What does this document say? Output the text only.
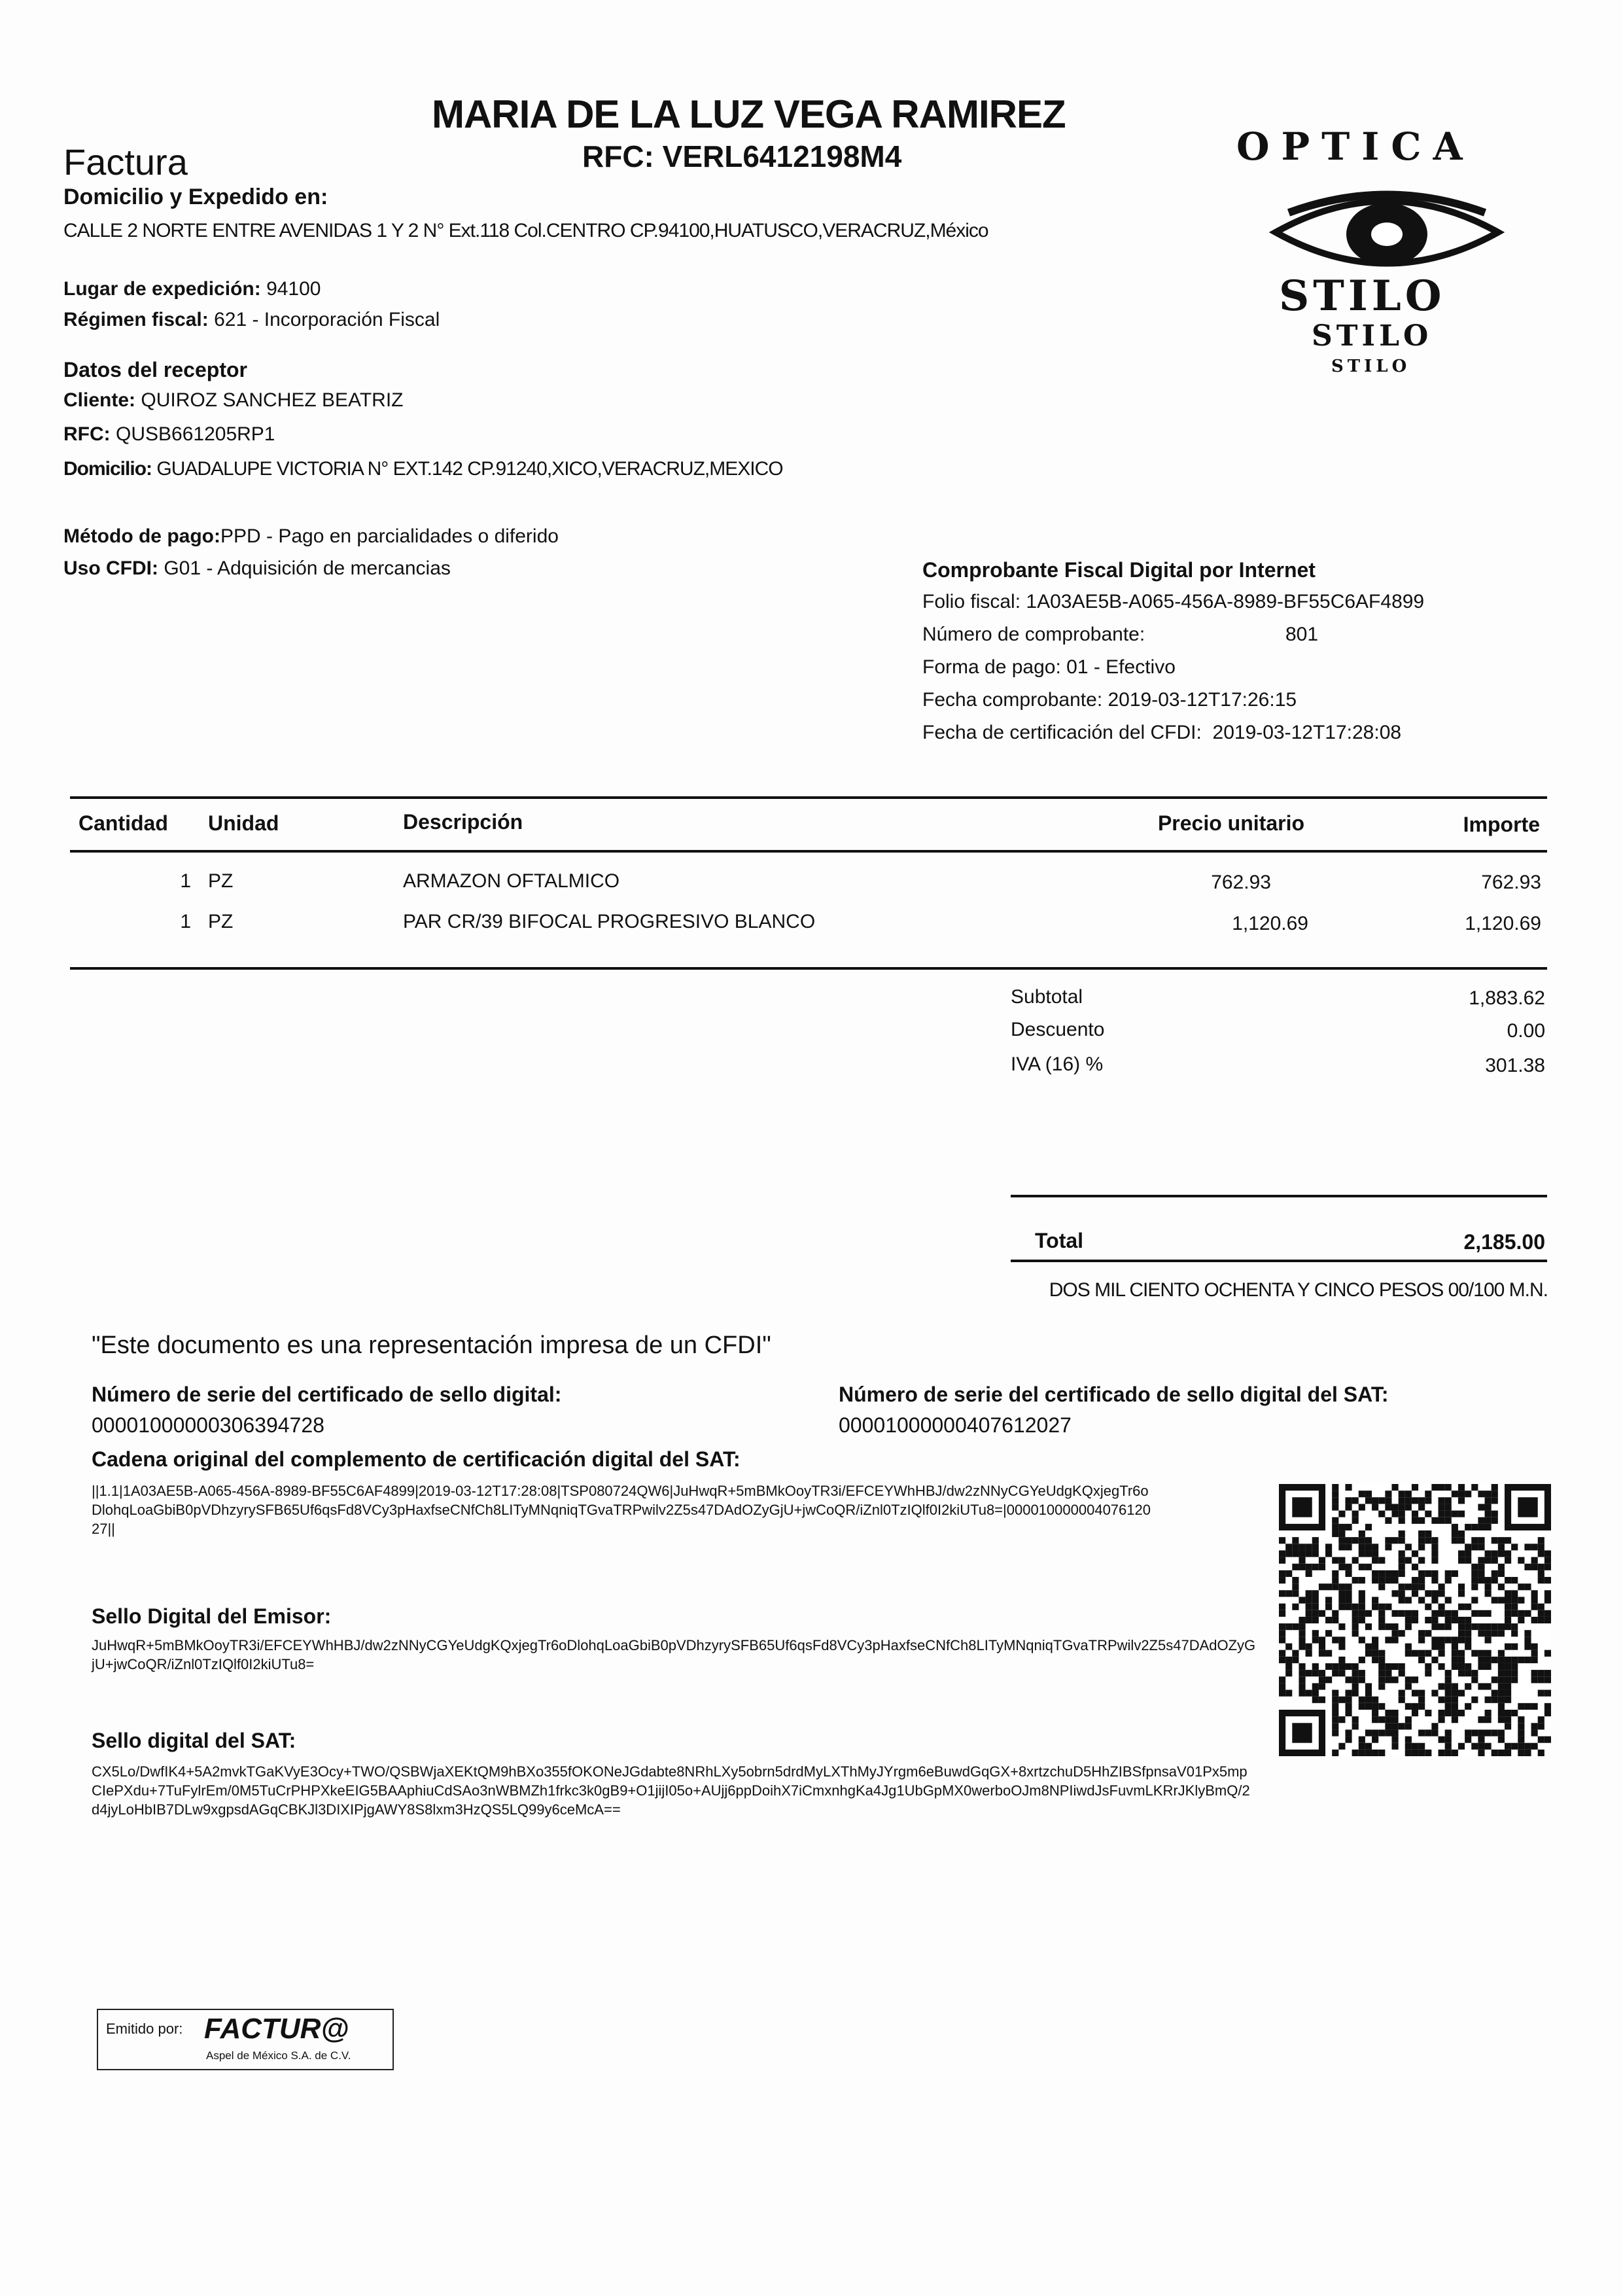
MARIA DE LA LUZ VEGA RAMIREZ
RFC: VERL6412198M4
Factura
Domicilio y Expedido en:
CALLE 2 NORTE ENTRE AVENIDAS 1 Y 2 N° Ext.118 Col.CENTRO CP.94100,HUATUSCO,VERACRUZ,México
Lugar de expedición: 94100
Régimen fiscal: 621 - Incorporación Fiscal
OPTICA
STILO
STILO
STILO
Datos del receptor
Cliente: QUIROZ SANCHEZ BEATRIZ
RFC: QUSB661205RP1
Domicilio: GUADALUPE VICTORIA N° EXT.142 CP.91240,XICO,VERACRUZ,MEXICO
Método de pago:PPD - Pago en parcialidades o diferido
Uso CFDI: G01 - Adquisición de mercancias	Comprobante Fiscal Digital por Internet
Folio fiscal: 1A03AE5B-A065-456A-8989-BF55C6AF4899
Número de comprobante:	801
Forma de pago: 01 - Efectivo
Fecha comprobante: 2019-03-12T17:26:15
Fecha de certificación del CFDI: 2019-03-12T17:28:08
Cantidad Unidad	Descripción	Precio unitario	Importe
1 PZ	ARMAZON OFTALMICO	762.93	762.93
1 PZ	PAR CR/39 BIFOCAL PROGRESIVO BLANCO	1,120.69	1,120.69
Subtotal	1,883.62
Descuento	0.00
IVA (16) %	301.38
Total	2,185.00
DOS MIL CIENTO OCHENTA Y CINCO PESOS 00/100 M.N.
"Este documento es una representación impresa de un CFDI"
Número de serie del certificado de sello digital:
00001000000306394728
Número de serie del certificado de sello digital del SAT:
00001000000407612027
Cadena original del complemento de certificación digital del SAT:
||1.1|1A03AE5B-A065-456A-8989-BF55C6AF4899|2019-03-12T17:28:08|TSP080724QW6|JuHwqR+5mBMkOoyTR3i/EFCEYWhHBJ/dw2zNNyCGYeUdgKQxjegTr6oDlohqLoaGbiB0pVDhzyrySFB65Uf6qsFd8VCy3pHaxfseCNfCh8LITyMNqniqTGvaTRPwilv2Z5s47DAdOZyGjU+jwCoQR/iZnl0TzIQlf0I2kiUTu8=|00001000000407612027||
Sello Digital del Emisor:
JuHwqR+5mBMkOoyTR3i/EFCEYWhHBJ/dw2zNNyCGYeUdgKQxjegTr6oDlohqLoaGbiB0pVDhzyrySFB65Uf6qsFd8VCy3pHaxfseCNfCh8LITyMNqniqTGvaTRPwilv2Z5s47DAdOZyGjU+jwCoQR/iZnl0TzIQlf0I2kiUTu8=
Sello digital del SAT:
CX5Lo/DwfIK4+5A2mvkTGaKVyE3Ocy+TWO/QSBWjaXEKtQM9hBXo355fOKONeJGdabte8NRhLXy5obrn5drdMyLXThMyJYrgm6eBuwdGqGX+8xrtzchuD5HhZIBSfpnsaV01Px5mpCIePXdu+7TuFylrEm/0M5TuCrPHPXkeEIG5BAAphiuCdSAo3nWBMZh1frkc3k0gB9+O1jijI05o+AUjj6ppDoihX7iCmxnhgKa4Jg1UbGpMX0werboOJm8NPIiwdJsFuvmLKRrJKlyBmQ/2d4jyLoHbIB7DLw9xgpsdAGqCBKJl3DIXIPjgAWY8S8lxm3HzQS5LQ99y6ceMcA==
Emitido por: FACTUR@
Aspel de México S.A. de C.V.
